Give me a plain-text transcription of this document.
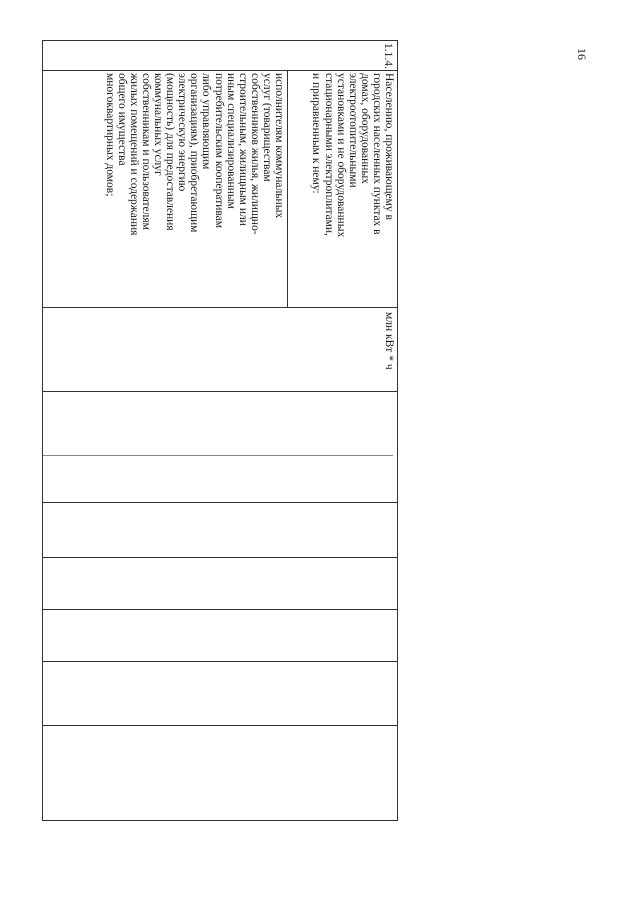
16
1.1.4.
Населению, проживающему в
городских населенных пунктах в
домах, оборудованных
электроотопительными
установками и не оборудованных
стационарными электроплитами,
и приравненным к нему:
исполнителям коммунальных
услуг (товариществам
собственников жилья, жилищно-
строительным, жилищным или
иным специализированным
потребительским кооперативам
либо управляющим
организациям), приобретающим
электрическую энергию
(мощность) для предоставления
коммунальных услуг
собственникам и пользователям
жилых помещений и содержания
общего имущества
многоквартирных домов;
млн кВт * ч
